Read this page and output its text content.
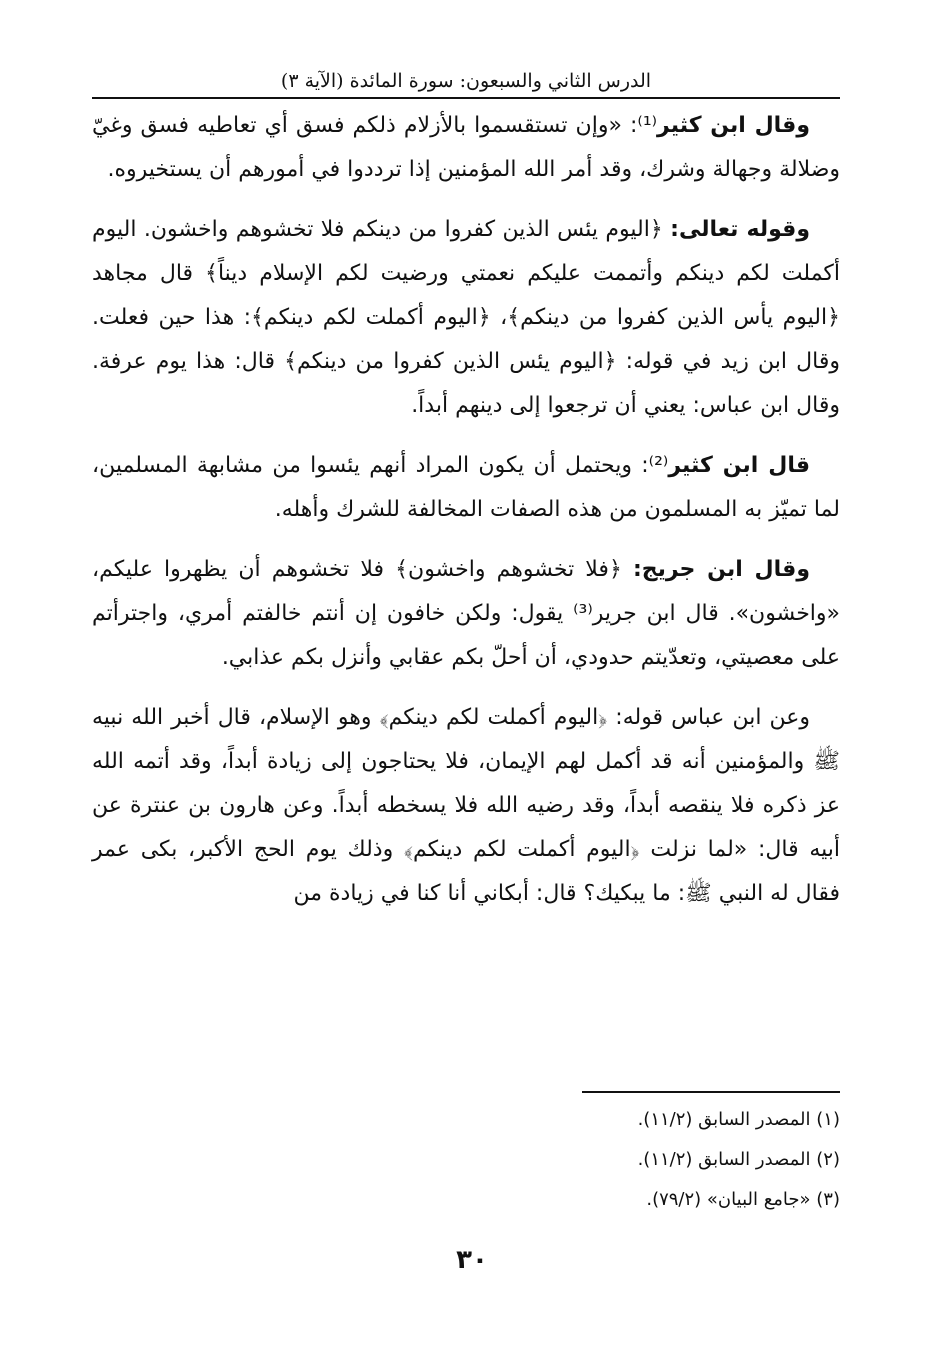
الدرس الثاني والسبعون: سورة المائدة (الآية ٣)

وقال ابن كثير⁽¹⁾: «وإن تستقسموا بالأزلام ذلكم فسق أي تعاطيه فسق وغيّ وضلالة وجهالة وشرك، وقد أمر الله المؤمنين إذا ترددوا في أمورهم أن يستخيروه.

وقوله تعالى: ﴿اليوم يئس الذين كفروا من دينكم فلا تخشوهم واخشون. اليوم أكملت لكم دينكم وأتممت عليكم نعمتي ورضيت لكم الإسلام ديناً﴾ قال مجاهد ﴿اليوم يأس الذين كفروا من دينكم﴾، ﴿اليوم أكملت لكم دينكم﴾: هذا حين فعلت. وقال ابن زيد في قوله: ﴿اليوم يئس الذين كفروا من دينكم﴾ قال: هذا يوم عرفة. وقال ابن عباس: يعني أن ترجعوا إلى دينهم أبداً.

قال ابن كثير⁽²⁾: ويحتمل أن يكون المراد أنهم يئسوا من مشابهة المسلمين، لما تميّز به المسلمون من هذه الصفات المخالفة للشرك وأهله.

وقال ابن جريج: ﴿فلا تخشوهم واخشون﴾ فلا تخشوهم أن يظهروا عليكم، «واخشون». قال ابن جرير⁽³⁾ يقول: ولكن خافون إن أنتم خالفتم أمري، واجترأتم على معصيتي، وتعدّيتم حدودي، أن أحلّ بكم عقابي وأنزل بكم عذابي.

وعن ابن عباس قوله: ﴿اليوم أكملت لكم دينكم﴾ وهو الإسلام، قال أخبر الله نبيه ﷺ والمؤمنين أنه قد أكمل لهم الإيمان، فلا يحتاجون إلى زيادة أبداً، وقد أتمه الله عز ذكره فلا ينقصه أبداً، وقد رضيه الله فلا يسخطه أبداً. وعن هارون بن عنترة عن أبيه قال: «لما نزلت ﴿اليوم أكملت لكم دينكم﴾ وذلك يوم الحج الأكبر، بكى عمر فقال له النبي ﷺ: ما يبكيك؟ قال: أبكاني أنا كنا في زيادة من

(١) المصدر السابق (١١/٢).
(٢) المصدر السابق (١١/٢).
(٣) «جامع البيان» (٧٩/٢).
٣٠
